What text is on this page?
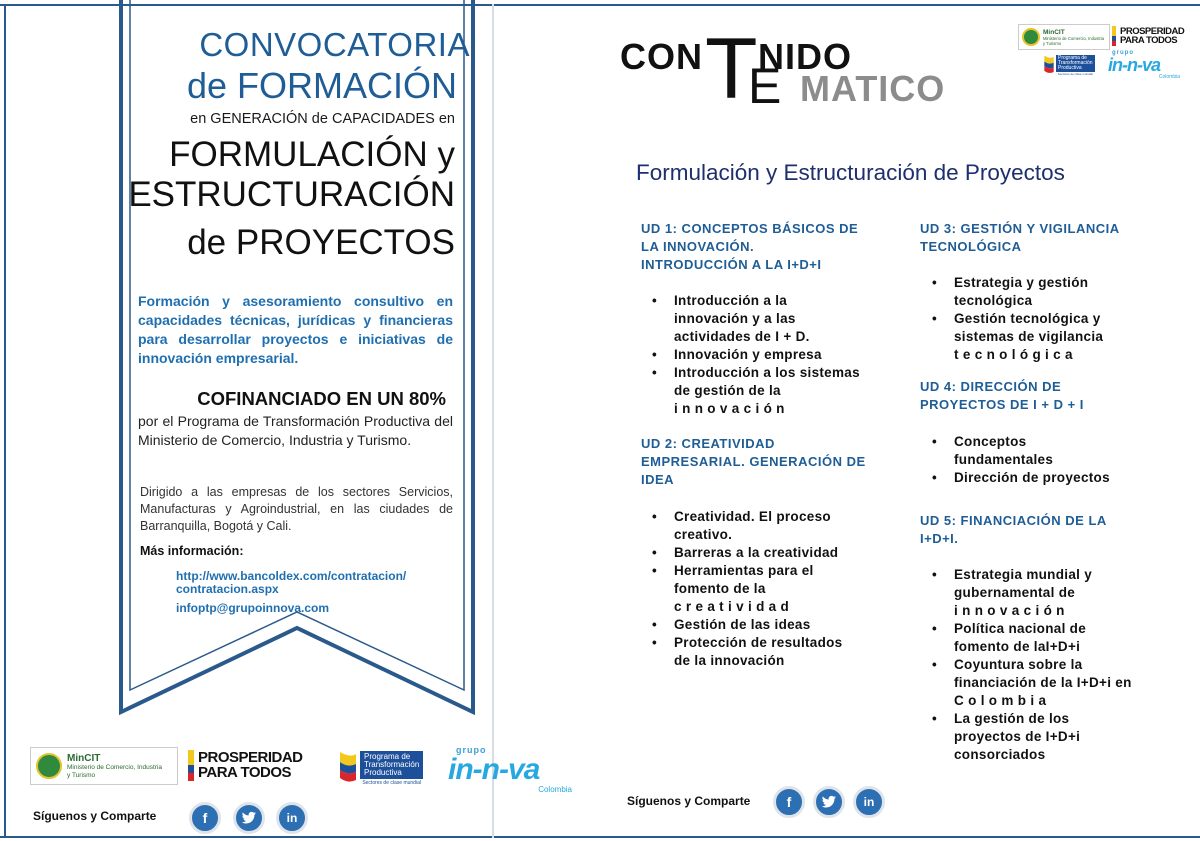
CONVOCATORIA
de FORMACIÓN
en GENERACIÓN de CAPACIDADES en
FORMULACIÓN y
ESTRUCTURACIÓN
de PROYECTOS
Formación y asesoramiento consultivo en capacidades técnicas, jurídicas y financieras para desarrollar proyectos e iniciativas de innovación empresarial.
COFINANCIADO EN UN 80%
por el Programa de Transformación Productiva del Ministerio de Comercio, Industria y Turismo.
Dirigido a las empresas de los sectores Servicios, Manufacturas y Agroindustrial, en las ciudades de Barranquilla, Bogotá y Cali.
Más información:
http://www.bancoldex.com/contratacion/
contratacion.aspx
infoptp@grupoinnova.com
MinCIT
Ministerio de Comercio, Industria y Turismo
PROSPERIDAD
PARA TODOS
Programa de
Transformación
Productiva
Sectores de clase mundial
grupo
in-n-va
Colombia
Síguenos y Comparte	f	in
CON T NIDO
E MATICO
MinCIT
Ministerio de Comercio, Industria y Turismo
PROSPERIDAD
PARA TODOS
Programa de
Transformación
Productiva
Sectores de clase mundial
grupo
in-n-va
Colombia
Formulación y Estructuración de Proyectos
UD 1: CONCEPTOS BÁSICOS DE
LA INNOVACIÓN.
INTRODUCCIÓN A LA I+D+I
• Introducción a la
innovación y a las
actividades de I + D.
• Innovación y empresa
• Introducción a los sistemas
de gestión de la
i n n o v a c i ó n
UD 2: CREATIVIDAD
EMPRESARIAL. GENERACIÓN DE
IDEA
• Creatividad. El proceso
creativo.
• Barreras a la creatividad
• Herramientas para el
fomento de la
c r e a t i v i d a d
• Gestión de las ideas
• Protección de resultados
de la innovación
UD 3: GESTIÓN Y VIGILANCIA
TECNOLÓGICA
• Estrategia y gestión
tecnológica
• Gestión tecnológica y
sistemas de vigilancia
t e c n o l ó g i c a
UD 4: DIRECCIÓN DE
PROYECTOS DE I + D + I
• Conceptos
fundamentales
• Dirección de proyectos
UD 5: FINANCIACIÓN DE LA
I+D+I.
• Estrategia mundial y
gubernamental de
i n n o v a c i ó n
• Política nacional de
fomento de laI+D+i
• Coyuntura sobre la
financiación de la I+D+i en
C o l o m b i a
• La gestión de los
proyectos de I+D+i
consorciados
Síguenos y Comparte	f	in
